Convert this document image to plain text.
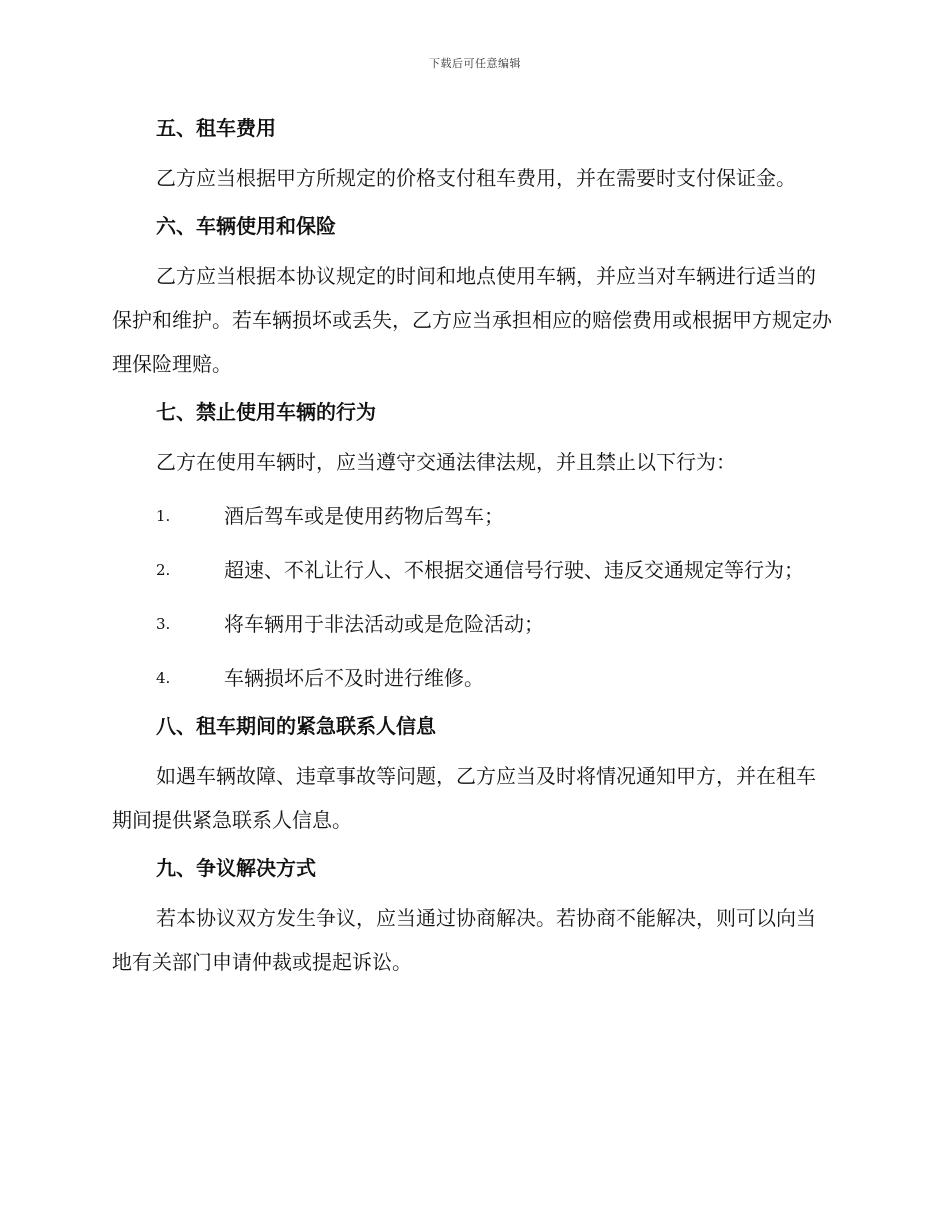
下载后可任意编辑

五、租车费用

乙方应当根据甲方所规定的价格支付租车费用，并在需要时支付保证金。

六、车辆使用和保险

乙方应当根据本协议规定的时间和地点使用车辆，并应当对车辆进行适当的保护和维护。若车辆损坏或丢失，乙方应当承担相应的赔偿费用或根据甲方规定办理保险理赔。

七、禁止使用车辆的行为

乙方在使用车辆时，应当遵守交通法律法规，并且禁止以下行为：

1.	酒后驾车或是使用药物后驾车；
2.	超速、不礼让行人、不根据交通信号行驶、违反交通规定等行为；
3.	将车辆用于非法活动或是危险活动；
4.	车辆损坏后不及时进行维修。

八、租车期间的紧急联系人信息

如遇车辆故障、违章事故等问题，乙方应当及时将情况通知甲方，并在租车期间提供紧急联系人信息。

九、争议解决方式

若本协议双方发生争议，应当通过协商解决。若协商不能解决，则可以向当地有关部门申请仲裁或提起诉讼。
